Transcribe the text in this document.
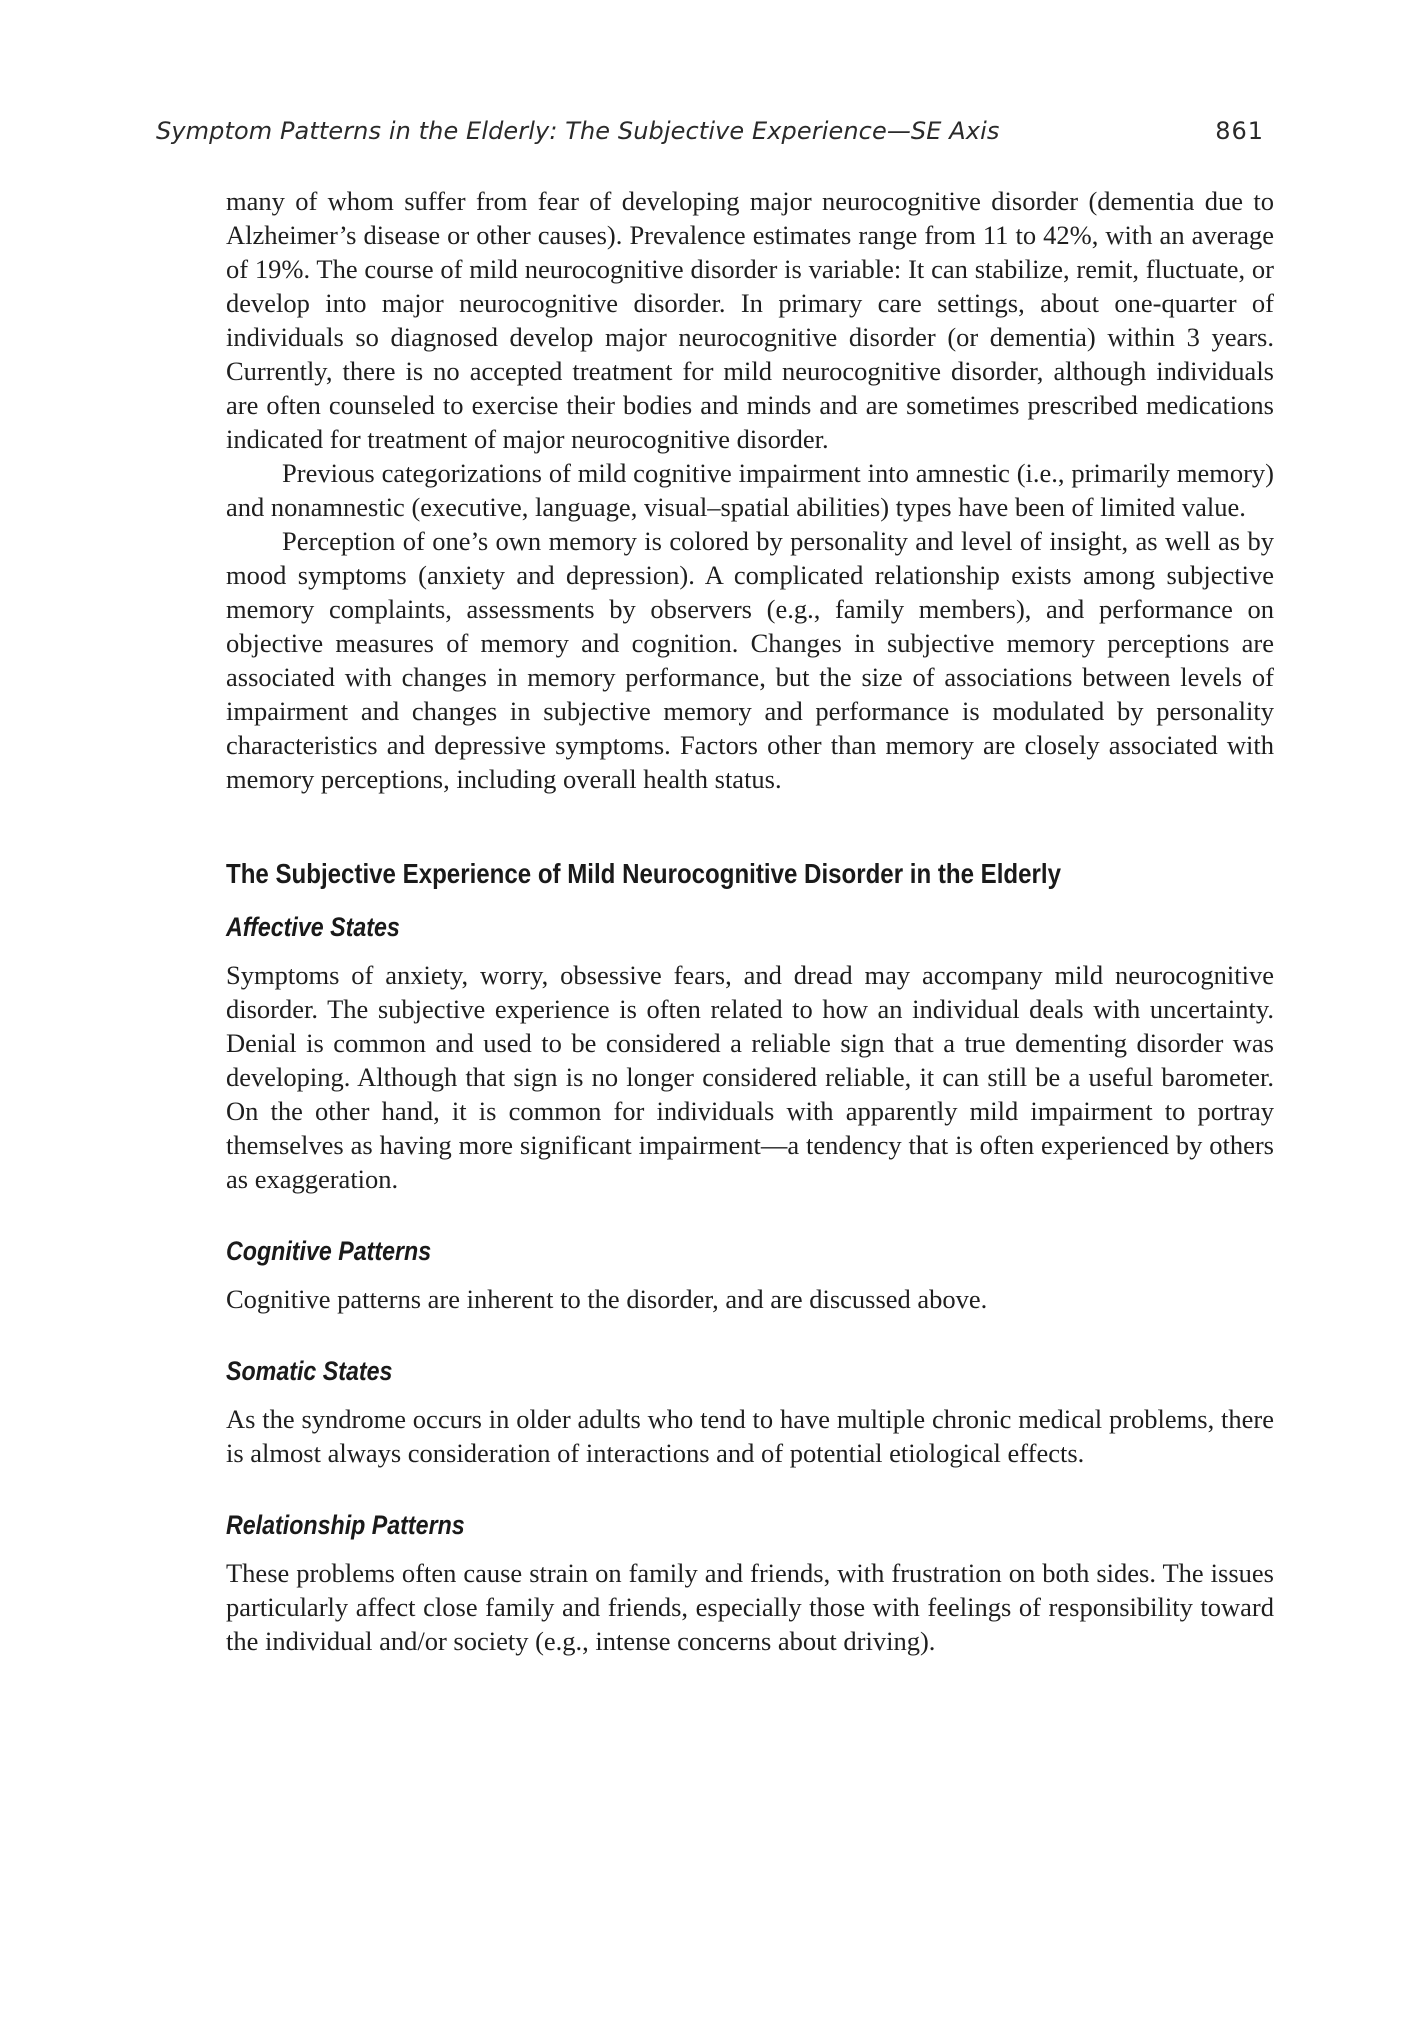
Symptom Patterns in the Elderly: The Subjective Experience—SE Axis	861

many of whom suffer from fear of developing major neurocognitive disorder (dementia due to Alzheimer’s disease or other causes). Prevalence estimates range from 11 to 42%, with an average of 19%. The course of mild neurocognitive disorder is variable: It can stabilize, remit, fluctuate, or develop into major neurocognitive disorder. In primary care settings, about one-quarter of individuals so diagnosed develop major neurocognitive disorder (or dementia) within 3 years. Currently, there is no accepted treatment for mild neurocognitive disorder, although individuals are often counseled to exercise their bodies and minds and are sometimes prescribed medications indicated for treatment of major neurocognitive disorder.

Previous categorizations of mild cognitive impairment into amnestic (i.e., primarily memory) and nonamnestic (executive, language, visual–spatial abilities) types have been of limited value.

Perception of one’s own memory is colored by personality and level of insight, as well as by mood symptoms (anxiety and depression). A complicated relationship exists among subjective memory complaints, assessments by observers (e.g., family members), and performance on objective measures of memory and cognition. Changes in subjective memory perceptions are associated with changes in memory performance, but the size of associations between levels of impairment and changes in subjective memory and performance is modulated by personality characteristics and depressive symptoms. Factors other than memory are closely associated with memory perceptions, including overall health status.

The Subjective Experience of Mild Neurocognitive Disorder in the Elderly
Affective States

Symptoms of anxiety, worry, obsessive fears, and dread may accompany mild neurocognitive disorder. The subjective experience is often related to how an individual deals with uncertainty. Denial is common and used to be considered a reliable sign that a true dementing disorder was developing. Although that sign is no longer considered reliable, it can still be a useful barometer. On the other hand, it is common for individuals with apparently mild impairment to portray themselves as having more significant impairment—a tendency that is often experienced by others as exaggeration.

Cognitive Patterns

Cognitive patterns are inherent to the disorder, and are discussed above.

Somatic States

As the syndrome occurs in older adults who tend to have multiple chronic medical problems, there is almost always consideration of interactions and of potential etiological effects.

Relationship Patterns

These problems often cause strain on family and friends, with frustration on both sides. The issues particularly affect close family and friends, especially those with feelings of responsibility toward the individual and/or society (e.g., intense concerns about driving).
